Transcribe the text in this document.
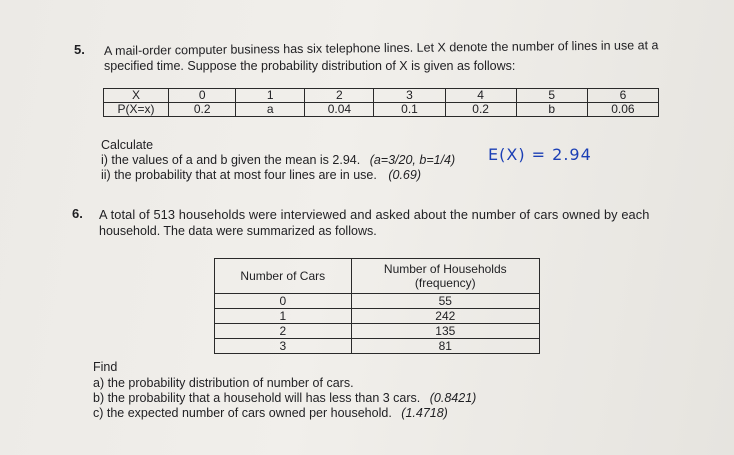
5. A mail-order computer business has six telephone lines. Let X denote the number of lines in use at a
specified time. Suppose the probability distribution of X is given as follows:
X	0	1	2	3	4	5	6
P(X=x)	0.2	a	0.04	0.1	0.2	b	0.06
Calculate
i) the values of a and b given the mean is 2.94. (a=3/20, b=1/4) E(X) = 2.94
ii) the probability that at most four lines are in use. (0.69)
6. A total of 513 households were interviewed and asked about the number of cars owned by each
household. The data were summarized as follows.
Number of Cars	Number of Households
(frequency)
0	55
1	242
2	135
3	81
Find
a) the probability distribution of number of cars.
b) the probability that a household will has less than 3 cars. (0.8421)
c) the expected number of cars owned per household. (1.4718)
